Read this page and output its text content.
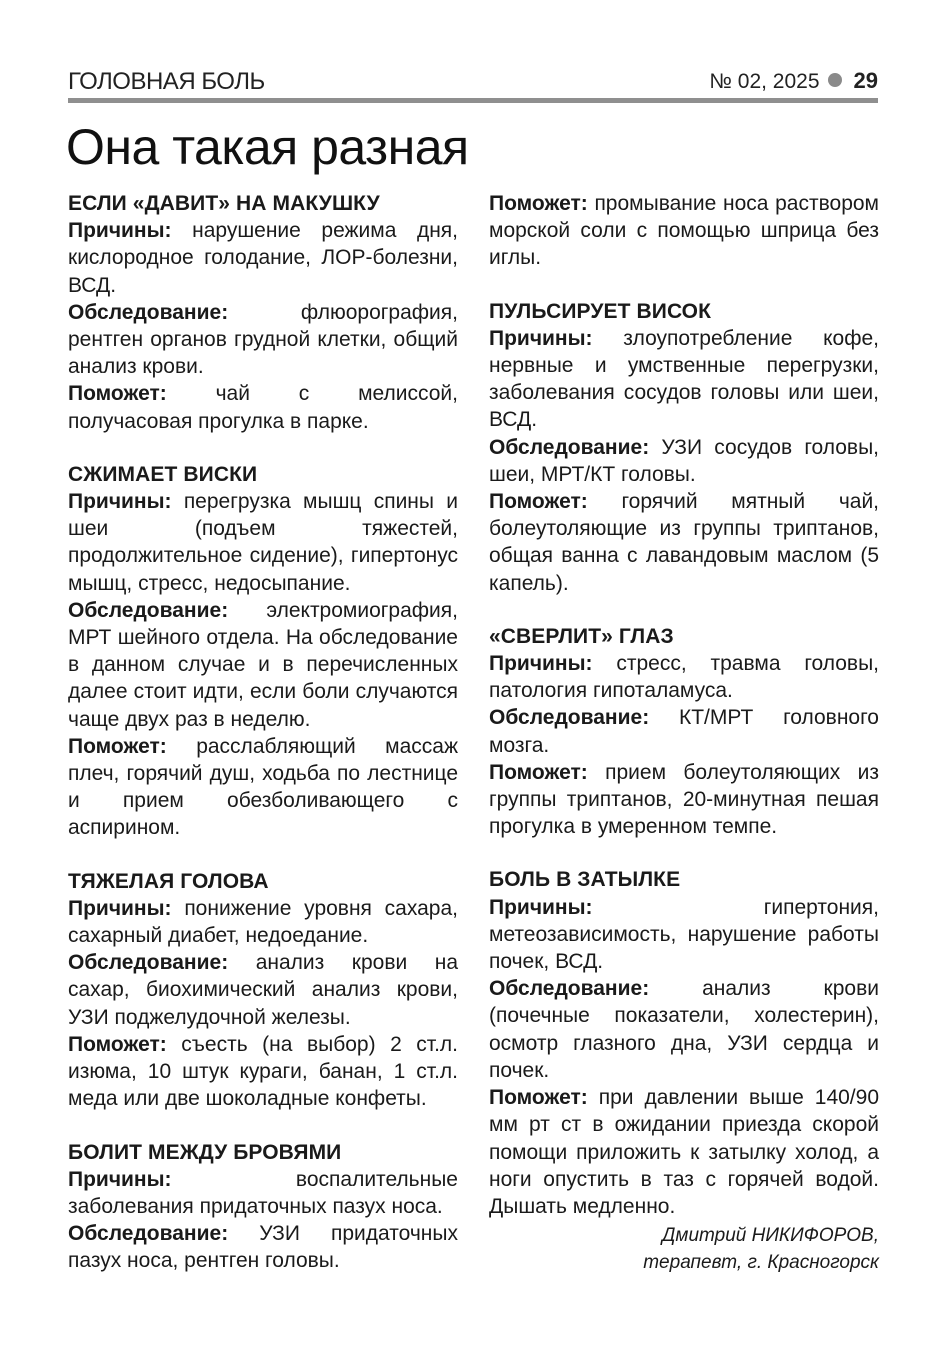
ГОЛОВНАЯ БОЛЬ	№ 02, 2025 29
Она такая разная
ЕСЛИ «ДАВИТ» НА МАКУШКУ

Причины: нарушение режима дня, кислородное голодание, ЛОР-болезни, ВСД.

Обследование:	флюорография, рентген органов грудной клетки, общий анализ крови.

Поможет: чай с мелиссой, получасовая прогулка в парке.

СЖИМАЕТ ВИСКИ

Причины: перегрузка мышц спины и шеи (подъем тяжестей, продолжительное сидение), гипертонус мышц, стресс, недосыпание.

Обследование: электромиография, МРТ шейного отдела. На обследование в данном случае и в перечисленных далее стоит идти, если боли случаются чаще двух раз в неделю.

Поможет: расслабляющий массаж плеч, горячий душ, ходьба по лестнице и прием обезболивающего с аспирином.

ТЯЖЕЛАЯ ГОЛОВА

Причины: понижение уровня сахара, сахарный диабет, недоедание.

Обследование: анализ крови на сахар, биохимический анализ крови, УЗИ поджелудочной железы.

Поможет: съесть (на выбор) 2 ст.л. изюма, 10 штук кураги, банан, 1 ст.л. меда или две шоколадные конфеты.

БОЛИТ МЕЖДУ БРОВЯМИ

Причины:	воспалительные заболевания придаточных пазух носа.

Обследование: УЗИ придаточных пазух носа, рентген головы.

Поможет: промывание носа раствором морской соли с помощью шприца без иглы.

ПУЛЬСИРУЕТ ВИСОК

Причины: злоупотребление кофе, нервные и умственные перегрузки, заболевания сосудов головы или шеи, ВСД.

Обследование: УЗИ сосудов головы, шеи, МРТ/КТ головы.

Поможет: горячий мятный чай, болеутоляющие из группы триптанов, общая ванна с лавандовым маслом (5 капель).

«СВЕРЛИТ» ГЛАЗ

Причины: стресс, травма головы, патология гипоталамуса.

Обследование: КТ/МРТ головного мозга.

Поможет: прием болеутоляющих из группы триптанов, 20-минутная пешая прогулка в умеренном темпе.

БОЛЬ В ЗАТЫЛКЕ

Причины:	гипертония, метеозависимость, нарушение работы почек, ВСД.

Обследование:	анализ крови (почечные показатели, холестерин), осмотр глазного дна, УЗИ сердца и почек.

Поможет: при давлении выше 140/90 мм рт ст в ожидании приезда скорой помощи приложить к затылку холод, а ноги опустить в таз с горячей водой. Дышать медленно.

Дмитрий НИКИФОРОВ,
терапевт, г. Красногорск
